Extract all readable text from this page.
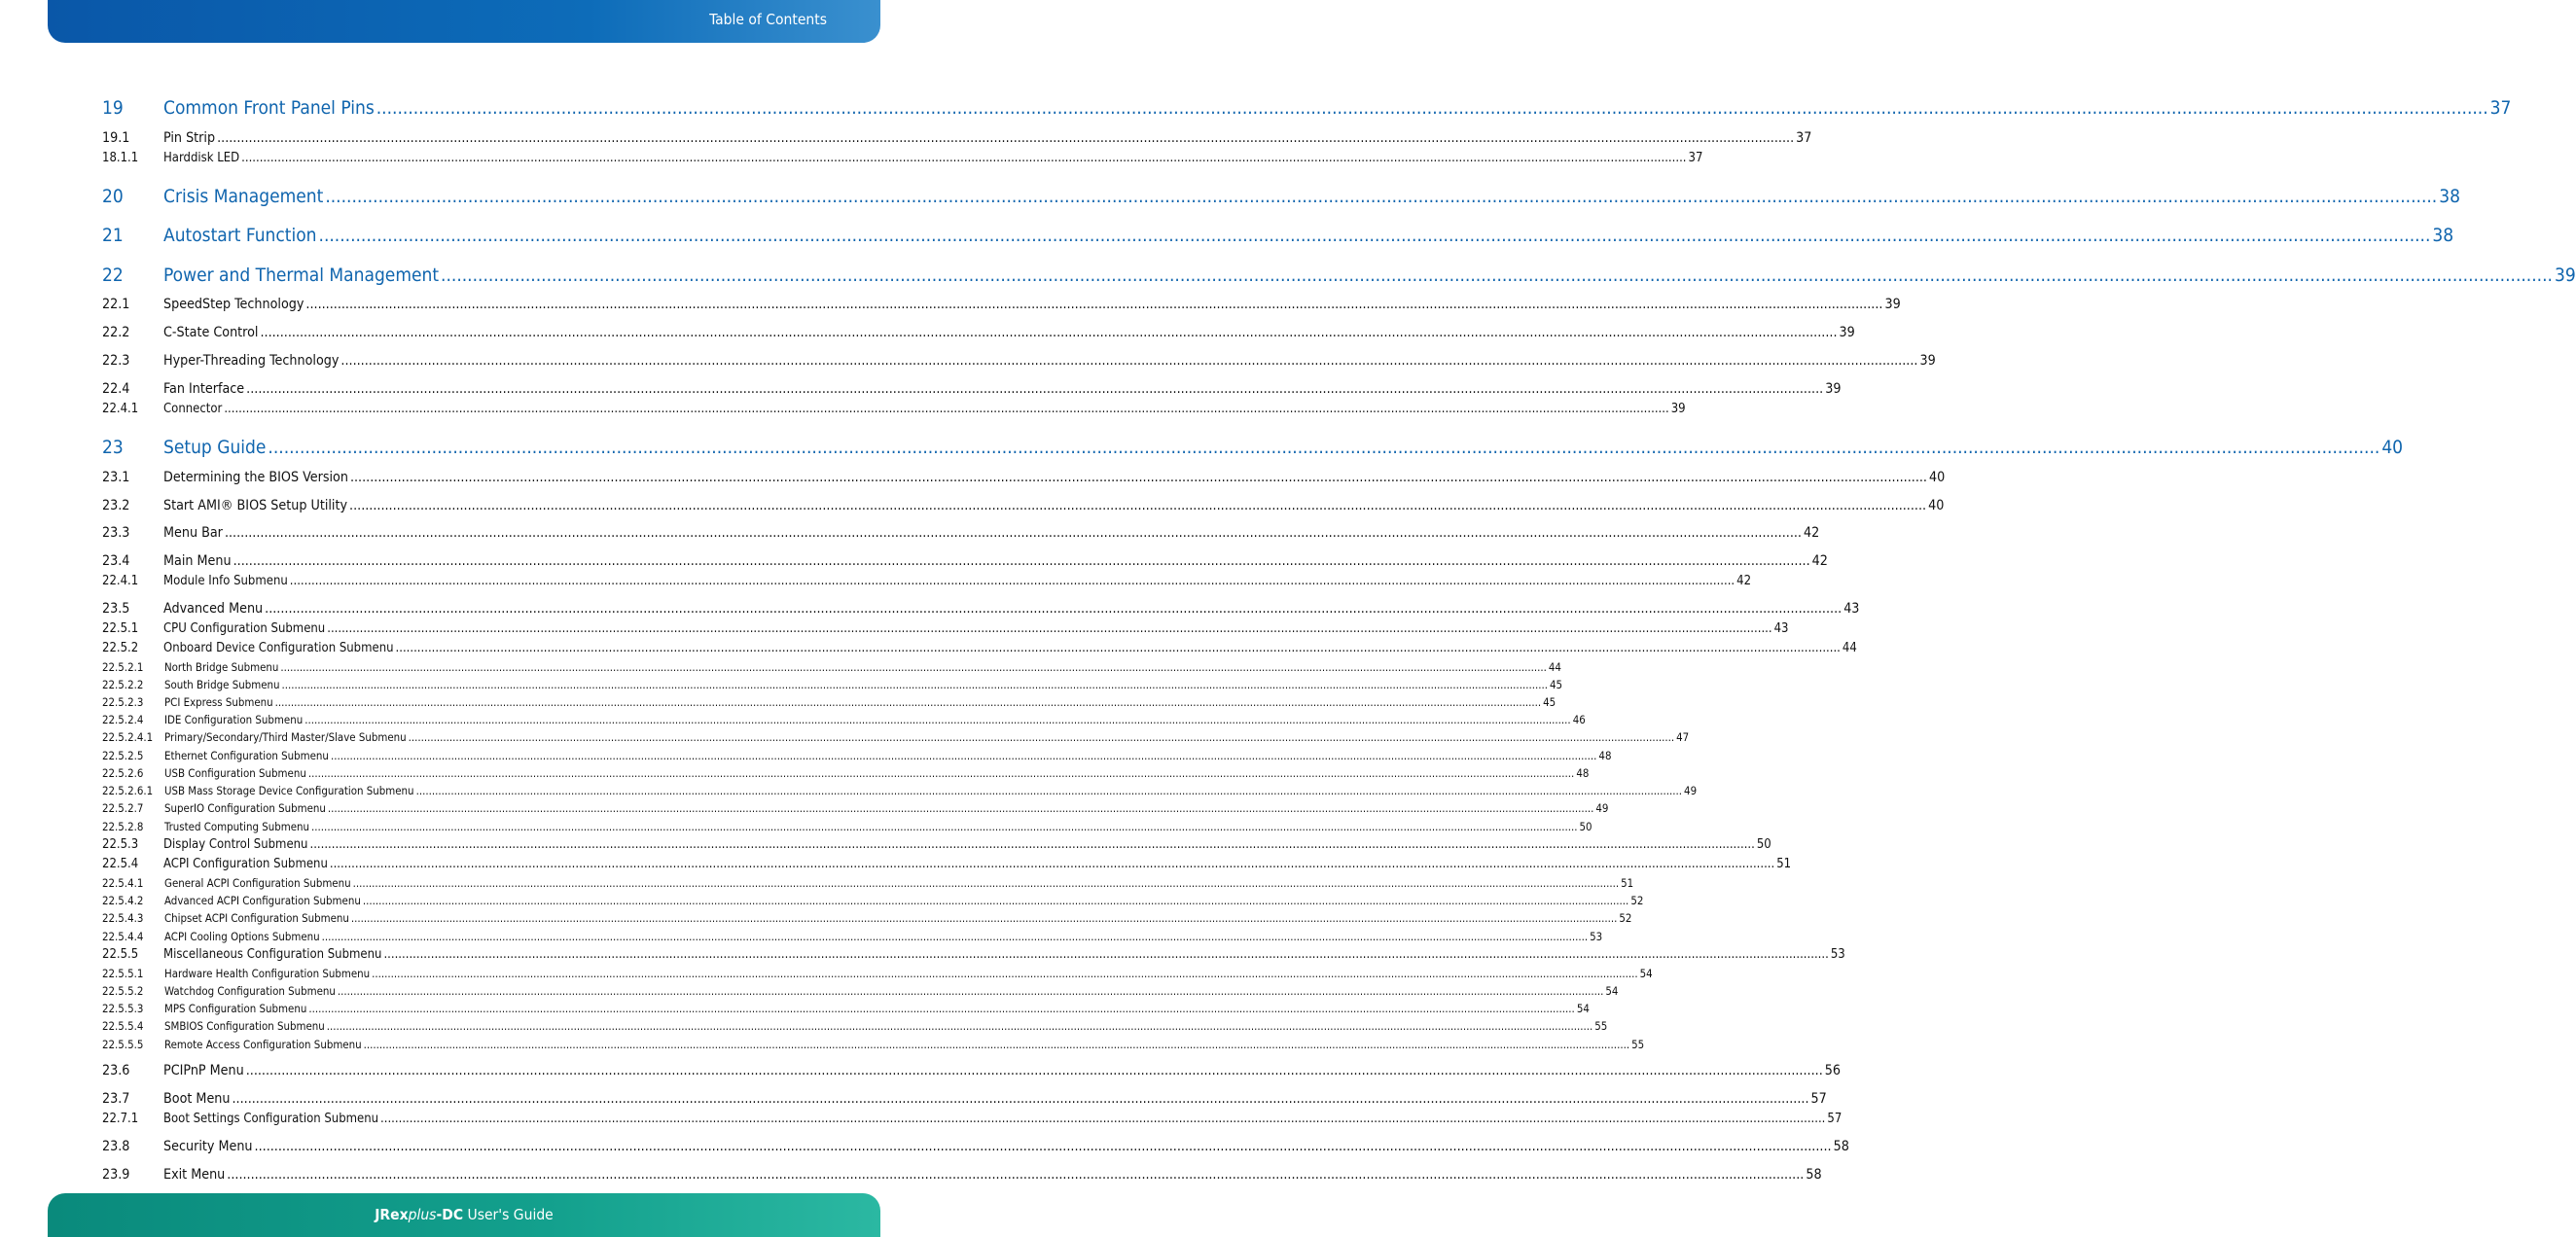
Table of Contents
19	Common Front Panel Pins ................................................................................................................................................................................................................................................................................................................................................................................................................ 37
19.1	Pin Strip ................................................................................................................................................................................................................................................................................................................................................................................................................ 37
18.1.1	Harddisk LED ................................................................................................................................................................................................................................................................................................................................................................................................................ 37
20	Crisis Management ................................................................................................................................................................................................................................................................................................................................................................................................................ 38
21	Autostart Function ................................................................................................................................................................................................................................................................................................................................................................................................................ 38
22	Power and Thermal Management ................................................................................................................................................................................................................................................................................................................................................................................................................ 39
22.1	SpeedStep Technology ................................................................................................................................................................................................................................................................................................................................................................................................................ 39
22.2	C-State Control ................................................................................................................................................................................................................................................................................................................................................................................................................ 39
22.3	Hyper-Threading Technology ................................................................................................................................................................................................................................................................................................................................................................................................................ 39
22.4	Fan Interface ................................................................................................................................................................................................................................................................................................................................................................................................................ 39
22.4.1	Connector ................................................................................................................................................................................................................................................................................................................................................................................................................ 39
23	Setup Guide ................................................................................................................................................................................................................................................................................................................................................................................................................ 40
23.1	Determining the BIOS Version ................................................................................................................................................................................................................................................................................................................................................................................................................ 40
23.2	Start AMI® BIOS Setup Utility ................................................................................................................................................................................................................................................................................................................................................................................................................ 40
23.3	Menu Bar ................................................................................................................................................................................................................................................................................................................................................................................................................ 42
23.4	Main Menu ................................................................................................................................................................................................................................................................................................................................................................................................................ 42
22.4.1	Module Info Submenu ................................................................................................................................................................................................................................................................................................................................................................................................................ 42
23.5	Advanced Menu ................................................................................................................................................................................................................................................................................................................................................................................................................ 43
22.5.1	CPU Configuration Submenu ................................................................................................................................................................................................................................................................................................................................................................................................................ 43
22.5.2	Onboard Device Configuration Submenu ................................................................................................................................................................................................................................................................................................................................................................................................................ 44
22.5.2.1	North Bridge Submenu ................................................................................................................................................................................................................................................................................................................................................................................................................ 44
22.5.2.2	South Bridge Submenu ................................................................................................................................................................................................................................................................................................................................................................................................................ 45
22.5.2.3	PCI Express Submenu ................................................................................................................................................................................................................................................................................................................................................................................................................ 45
22.5.2.4	IDE Configuration Submenu ................................................................................................................................................................................................................................................................................................................................................................................................................ 46
22.5.2.4.1	Primary/Secondary/Third Master/Slave Submenu ................................................................................................................................................................................................................................................................................................................................................................................................................ 47
22.5.2.5	Ethernet Configuration Submenu ................................................................................................................................................................................................................................................................................................................................................................................................................ 48
22.5.2.6	USB Configuration Submenu ................................................................................................................................................................................................................................................................................................................................................................................................................ 48
22.5.2.6.1	USB Mass Storage Device Configuration Submenu ................................................................................................................................................................................................................................................................................................................................................................................................................ 49
22.5.2.7	SuperIO Configuration Submenu ................................................................................................................................................................................................................................................................................................................................................................................................................ 49
22.5.2.8	Trusted Computing Submenu ................................................................................................................................................................................................................................................................................................................................................................................................................ 50
22.5.3	Display Control Submenu ................................................................................................................................................................................................................................................................................................................................................................................................................ 50
22.5.4	ACPI Configuration Submenu ................................................................................................................................................................................................................................................................................................................................................................................................................ 51
22.5.4.1	General ACPI Configuration Submenu ................................................................................................................................................................................................................................................................................................................................................................................................................ 51
22.5.4.2	Advanced ACPI Configuration Submenu ................................................................................................................................................................................................................................................................................................................................................................................................................ 52
22.5.4.3	Chipset ACPI Configuration Submenu ................................................................................................................................................................................................................................................................................................................................................................................................................ 52
22.5.4.4	ACPI Cooling Options Submenu ................................................................................................................................................................................................................................................................................................................................................................................................................ 53
22.5.5	Miscellaneous Configuration Submenu ................................................................................................................................................................................................................................................................................................................................................................................................................ 53
22.5.5.1	Hardware Health Configuration Submenu ................................................................................................................................................................................................................................................................................................................................................................................................................ 54
22.5.5.2	Watchdog Configuration Submenu ................................................................................................................................................................................................................................................................................................................................................................................................................ 54
22.5.5.3	MPS Configuration Submenu ................................................................................................................................................................................................................................................................................................................................................................................................................ 54
22.5.5.4	SMBIOS Configuration Submenu ................................................................................................................................................................................................................................................................................................................................................................................................................ 55
22.5.5.5	Remote Access Configuration Submenu ................................................................................................................................................................................................................................................................................................................................................................................................................ 55
23.6	PCIPnP Menu ................................................................................................................................................................................................................................................................................................................................................................................................................ 56
23.7	Boot Menu ................................................................................................................................................................................................................................................................................................................................................................................................................ 57
22.7.1	Boot Settings Configuration Submenu ................................................................................................................................................................................................................................................................................................................................................................................................................ 57
23.8	Security Menu ................................................................................................................................................................................................................................................................................................................................................................................................................ 58
23.9	Exit Menu ................................................................................................................................................................................................................................................................................................................................................................................................................ 58
JRexplus-DC User's Guide
